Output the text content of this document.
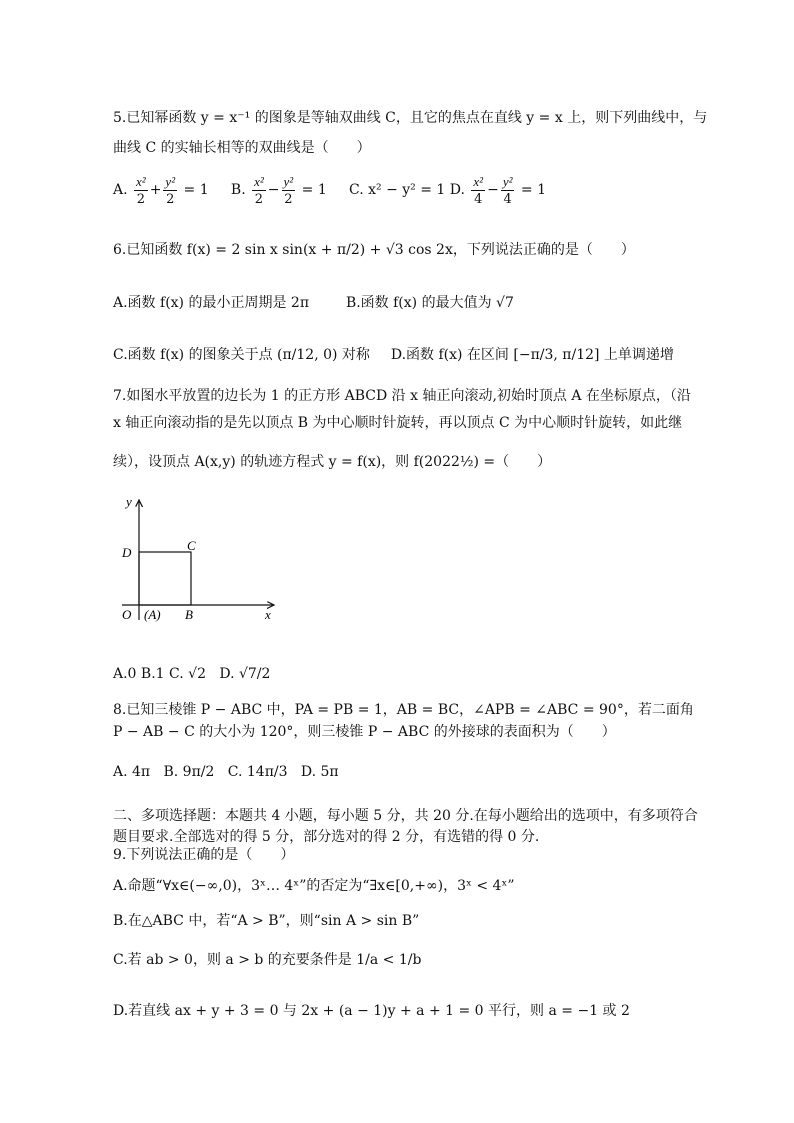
5.已知幂函数 y = x⁻¹ 的图象是等轴双曲线 C，且它的焦点在直线 y = x 上，则下列曲线中，与
曲线 C 的实轴长相等的双曲线是（　　）
A. $\frac{\text{x²}}{2} + \frac{\text{y²}}{2} = 1$     B. $\frac{\text{x²}}{2} - \frac{\text{y²}}{2} = 1$     C. x² − y² = 1 D. $\frac{\text{x²}}{4} - \frac{\text{y²}}{4} = 1$
6.已知函数 f(x) = 2 sin x sin(x + π/2) + √3 cos 2x，下列说法正确的是（　　）
A.函数 f(x) 的最小正周期是 2π	B.函数 f(x) 的最大值为 √7
C.函数 f(x) 的图象关于点 (π/12, 0) 对称 D.函数 f(x) 在区间 [−π/3, π/12] 上单调递增
7.如图水平放置的边长为 1 的正方形 ABCD 沿 x 轴正向滚动,初始时顶点 A 在坐标原点，（沿
x 轴正向滚动指的是先以顶点 B 为中心顺时针旋转，再以顶点 C 为中心顺时针旋转，如此继
续），设顶点 A(x,y) 的轨迹方程式 y = f(x)，则 f(2022½) =（　　）
y
x
O (A) B
C
D
A.0 B.1 C. √2 D. √7/2
8.已知三棱锥 P − ABC 中，PA = PB = 1，AB = BC，∠APB = ∠ABC = 90°，若二面角
P − AB − C 的大小为 120°，则三棱锥 P − ABC 的外接球的表面积为（　　）
A. 4π B. 9π/2 C. 14π/3 D. 5π
二、多项选择题：本题共 4 小题，每小题 5 分，共 20 分.在每小题给出的选项中，有多项符合
题目要求.全部选对的得 5 分，部分选对的得 2 分，有选错的得 0 分.
9.下列说法正确的是（　　）
A.命题“∀x∈(−∞,0)，3ˣ… 4ˣ”的否定为“∃x∈[0,+∞)，3ˣ < 4ˣ”
B.在△ABC 中，若“A > B”，则“sin A > sin B”
C.若 ab > 0，则 a > b 的充要条件是 1/a < 1/b
D.若直线 ax + y + 3 = 0 与 2x + (a − 1)y + a + 1 = 0 平行，则 a = −1 或 2
